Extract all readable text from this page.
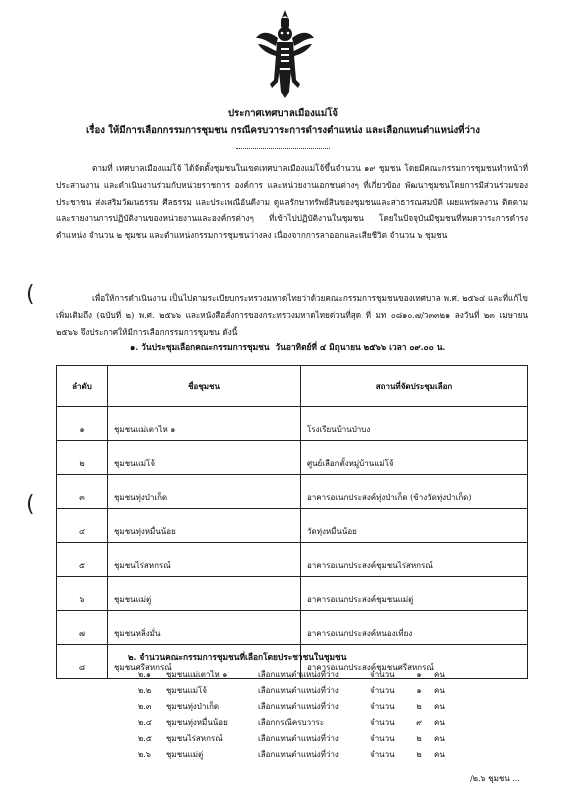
ประกาศเทศบาลเมืองแม่โจ้
เรื่อง ให้มีการเลือกกรรมการชุมชน กรณีครบวาระการดำรงตำแหน่ง และเลือกแทนตำแหน่งที่ว่าง

ตามที่ เทศบาลเมืองแม่โจ้ ได้จัดตั้งชุมชนในเขตเทศบาลเมืองแม่โจ้ขึ้นจำนวน ๑๙ ชุมชน โดยมีคณะกรรมการชุมชนทำหน้าที่ ประสานงาน และดำเนินงานร่วมกับหน่วยราชการ องค์การ และหน่วยงานเอกชนต่างๆ ที่เกี่ยวข้อง พัฒนาชุมชนโดยการมีส่วนร่วมของประชาชน ส่งเสริมวัฒนธรรม ศีลธรรม และประเพณีอันดีงาม ดูแลรักษาทรัพย์สินของชุมชนและสาธารณสมบัติ เผยแพร่ผลงาน ติดตาม และรายงานการปฏิบัติงานของหน่วยงานและองค์กรต่างๆ ที่เข้าไปปฏิบัติงานในชุมชน โดยในปัจจุบันมีชุมชนที่หมดวาระการดำรงตำแหน่ง จำนวน ๒ ชุมชน และตำแหน่งกรรมการชุมชนว่างลง เนื่องจากการลาออกและเสียชีวิต จำนวน ๖ ชุมชน

เพื่อให้การดำเนินงาน เป็นไปตามระเบียบกระทรวงมหาดไทยว่าด้วยคณะกรรมการชุมชนของเทศบาล พ.ศ. ๒๕๖๔ และที่แก้ไขเพิ่มเติมถึง (ฉบับที่ ๒) พ.ศ. ๒๕๖๖ และหนังสือสั่งการของกระทรวงมหาดไทยด่วนที่สุด ที่ มท ๐๘๑๐.๗/ว๓๓๒๑ ลงวันที่ ๒๓ เมษายน ๒๕๖๖ จึงประกาศให้มีการเลือกกรรมการชุมชน ดังนี้

๑. วันประชุมเลือกคณะกรรมการชุมชน วันอาทิตย์ที่ ๔ มิถุนายน ๒๕๖๖ เวลา ๐๙.๐๐ น.
ลำดับ	ชื่อชุมชน	สถานที่จัดประชุมเลือก
๑	ชุมชนแม่เตาไห ๑	โรงเรียนบ้านป่าบง
๒	ชุมชนแม่โจ้	ศูนย์เลือกตั้งหมู่บ้านแม่โจ้
๓	ชุมชนทุ่งป่าเก็ด	อาคารอเนกประสงค์ทุ่งป่าเก็ด (ข้างวัดทุ่งป่าเก็ด)
๔	ชุมชนทุ่งหมื่นน้อย	วัดทุ่งหมื่นน้อย
๕	ชุมชนไร่สหกรณ์	อาคารอเนกประสงค์ชุมชนไร่สหกรณ์
๖	ชุมชนแม่ตู่	อาคารอเนกประสงค์ชุมชนแม่ตู่
๗	ชุมชนหลิ่งมั่น	อาคารอเนกประสงค์หนองเที่ยง
๘	ชุมชนศรีสหกรณ์	อาคารอเนกประสงค์ชุมชนศรีสหกรณ์
๒. จำนวนคณะกรรมการชุมชนที่เลือกโดยประชาชนในชุมชน
๒.๑	ชุมชนแม่เตาไห ๑	เลือกแทนตำแหน่งที่ว่าง	จำนวน	๑	คน
๒.๒	ชุมชนแม่โจ้	เลือกแทนตำแหน่งที่ว่าง	จำนวน	๑	คน
๒.๓	ชุมชนทุ่งป่าเก็ด	เลือกแทนตำแหน่งที่ว่าง	จำนวน	๒	คน
๒.๔	ชุมชนทุ่งหมื่นน้อย	เลือกกรณีครบวาระ	จำนวน	๙	คน
๒.๕	ชุมชนไร่สหกรณ์	เลือกแทนตำแหน่งที่ว่าง	จำนวน	๒	คน
๒.๖	ชุมชนแม่ตู่	เลือกแทนตำแหน่งที่ว่าง	จำนวน	๒	คน
/๒.๖ ชุมชน ...
(
(
